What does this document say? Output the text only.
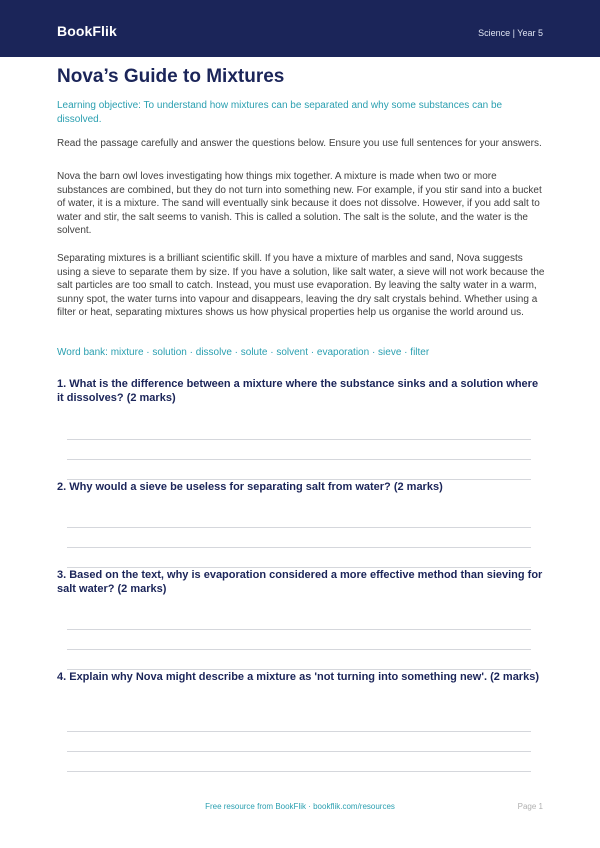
BookFlik	Science | Year 5
Nova’s Guide to Mixtures

Learning objective: To understand how mixtures can be separated and why some substances can be dissolved.

Read the passage carefully and answer the questions below. Ensure you use full sentences for your answers.

Nova the barn owl loves investigating how things mix together. A mixture is made when two or more substances are combined, but they do not turn into something new. For example, if you stir sand into a bucket of water, it is a mixture. The sand will eventually sink because it does not dissolve. However, if you add salt to water and stir, the salt seems to vanish. This is called a solution. The salt is the solute, and the water is the solvent.

Separating mixtures is a brilliant scientific skill. If you have a mixture of marbles and sand, Nova suggests using a sieve to separate them by size. If you have a solution, like salt water, a sieve will not work because the salt particles are too small to catch. Instead, you must use evaporation. By leaving the salty water in a warm, sunny spot, the water turns into vapour and disappears, leaving the dry salt crystals behind. Whether using a filter or heat, separating mixtures shows us how physical properties help us organise the world around us.

Word bank: mixture · solution · dissolve · solute · solvent · evaporation · sieve · filter

1. What is the difference between a mixture where the substance sinks and a solution where it dissolves? (2 marks)

2. Why would a sieve be useless for separating salt from water? (2 marks)

3. Based on the text, why is evaporation considered a more effective method than sieving for salt water? (2 marks)

4. Explain why Nova might describe a mixture as 'not turning into something new'. (2 marks)

Free resource from BookFlik · bookflik.com/resources	Page 1
